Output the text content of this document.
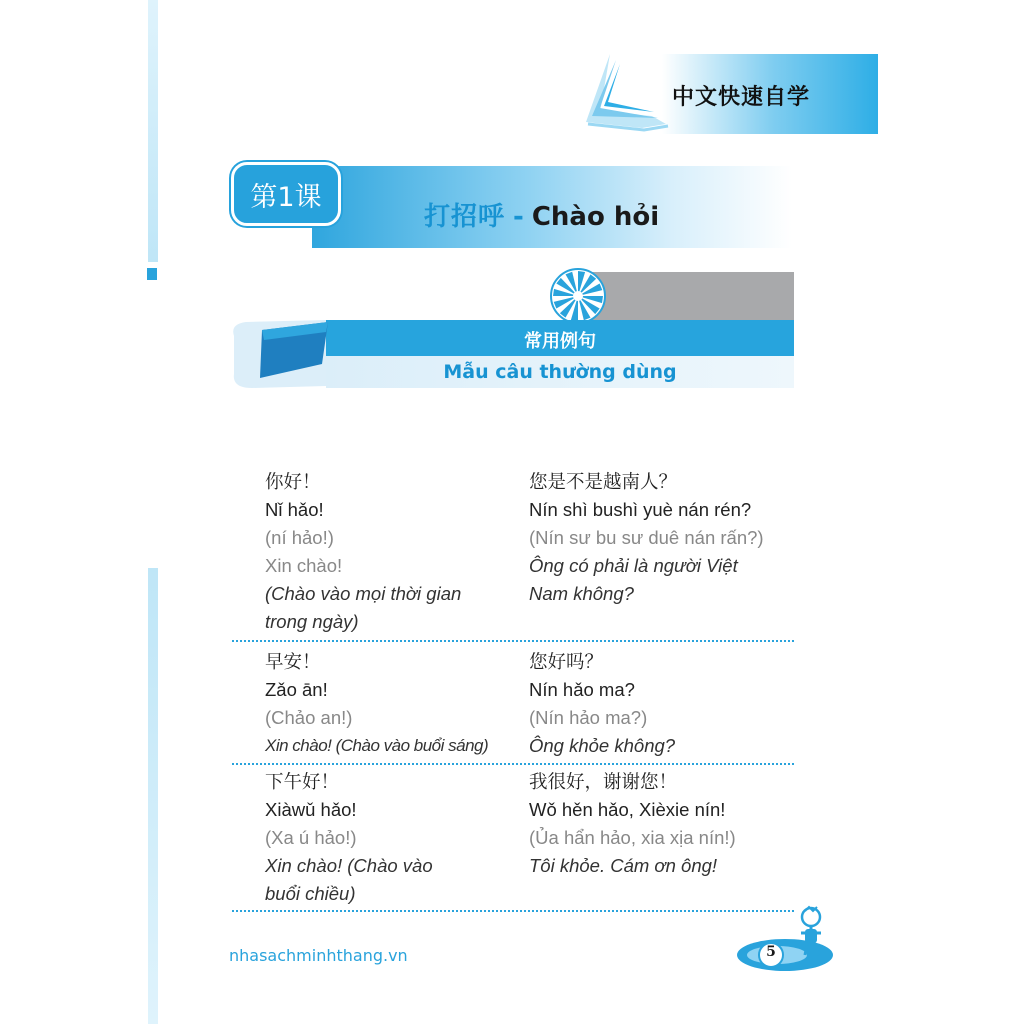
中文快速自学
第1课
打招呼 - Chào hỏi
常用例句
Mẫu câu thường dùng
你好！
Nǐ hǎo!
(ní hảo!)
Xin chào!
(Chào vào mọi thời gian trong ngày)
您是不是越南人？
Nín shì bushì yuè nán rén?
(Nín sư bu sư duê nán rấn?)
Ông có phải là người Việt Nam không?
早安！
Zǎo ān!
(Chảo an!)
Xin chào! (Chào vào buổi sáng)
您好吗？
Nín hǎo ma?
(Nín hảo ma?)
Ông khỏe không?
下午好！
Xiàwǔ hǎo!
(Xa ú hảo!)
Xin chào! (Chào vào buổi chiều)
我很好，谢谢您！
Wǒ hěn hǎo, Xièxie nín!
(Ủa hẩn hảo, xia xịa nín!)
Tôi khỏe. Cám ơn ông!
nhasachminhthang.vn	5
